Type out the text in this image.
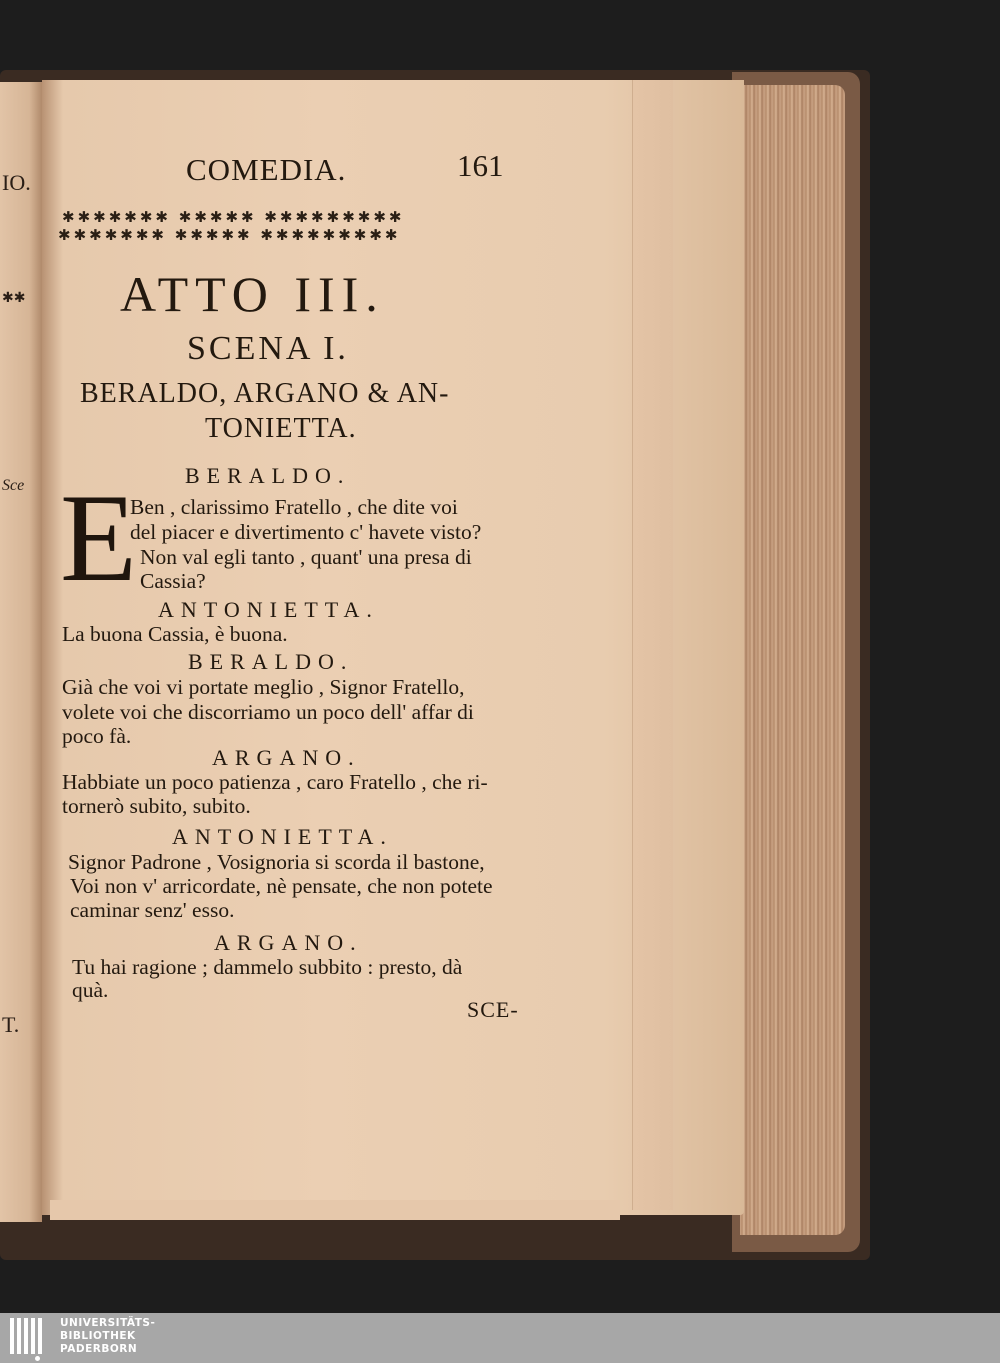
IO.
✱✱
Sce
T.
COMEDIA.	161
✱✱✱✱✱✱✱ ✱✱✱✱✱ ✱✱✱✱✱✱✱✱✱
✱✱✱✱✱✱✱ ✱✱✱✱✱ ✱✱✱✱✱✱✱✱✱
ATTO III.
SCENA I.
BERALDO, ARGANO & AN-
TONIETTA.
BERALDO.
E
Ben , clarissimo Fratello , che dite voi
del piacer e divertimento c' havete visto?
Non val egli tanto , quant' una presa di
Cassia?
ANTONIETTA.
La buona Cassia, è buona.
BERALDO.
Già che voi vi portate meglio , Signor Fratello,
volete voi che discorriamo un poco dell' affar di
poco fà.
ARGANO.
Habbiate un poco patienza , caro Fratello , che ri-
tornerò subito, subito.
ANTONIETTA.
Signor Padrone , Vosignoria si scorda il bastone,
Voi non v' arricordate, nè pensate, che non potete
caminar senz' esso.
ARGANO.
Tu hai ragione ; dammelo subbito : presto, dà
quà.
SCE-
UNIVERSITÄTS-
BIBLIOTHEK
PADERBORN
